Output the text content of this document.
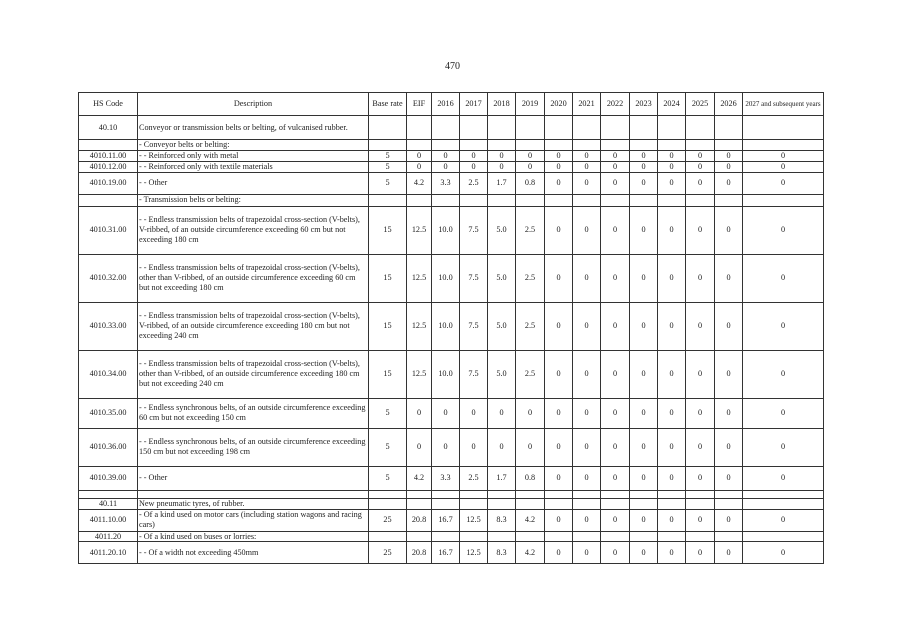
470
HS Code	Description	Base rate	EIF	2016	2017	2018	2019	2020	2021	2022	2023	2024	2025	2026	2027 and subsequent years
40.10	Conveyor or transmission belts or belting, of vulcanised rubber.														
	- Conveyor belts or belting:														
4010.11.00	- - Reinforced only with metal	5	0	0	0	0	0	0	0	0	0	0	0	0	0
4010.12.00	- - Reinforced only with textile materials	5	0	0	0	0	0	0	0	0	0	0	0	0	0
4010.19.00	- - Other	5	4.2	3.3	2.5	1.7	0.8	0	0	0	0	0	0	0	0
	- Transmission belts or belting:														
4010.31.00	- - Endless transmission belts of trapezoidal cross-section (V-belts), V-ribbed, of an outside circumference exceeding 60 cm but not exceeding 180 cm	15	12.5	10.0	7.5	5.0	2.5	0	0	0	0	0	0	0	0
4010.32.00	- - Endless transmission belts of trapezoidal cross-section (V-belts), other than V-ribbed, of an outside circumference exceeding 60 cm but not exceeding 180 cm	15	12.5	10.0	7.5	5.0	2.5	0	0	0	0	0	0	0	0
4010.33.00	- - Endless transmission belts of trapezoidal cross-section (V-belts), V-ribbed, of an outside circumference exceeding 180 cm but not exceeding 240 cm	15	12.5	10.0	7.5	5.0	2.5	0	0	0	0	0	0	0	0
4010.34.00	- - Endless transmission belts of trapezoidal cross-section (V-belts), other than V-ribbed, of an outside circumference exceeding 180 cm but not exceeding 240 cm	15	12.5	10.0	7.5	5.0	2.5	0	0	0	0	0	0	0	0
4010.35.00	- - Endless synchronous belts, of an outside circumference exceeding 60 cm but not exceeding 150 cm	5	0	0	0	0	0	0	0	0	0	0	0	0	0
4010.36.00	- - Endless synchronous belts, of an outside circumference exceeding 150 cm but not exceeding 198 cm	5	0	0	0	0	0	0	0	0	0	0	0	0	0
4010.39.00	- - Other	5	4.2	3.3	2.5	1.7	0.8	0	0	0	0	0	0	0	0

40.11	New pneumatic tyres, of rubber.														
4011.10.00	- Of a kind used on motor cars (including station wagons and racing cars)	25	20.8	16.7	12.5	8.3	4.2	0	0	0	0	0	0	0	0
4011.20	- Of a kind used on buses or lorries:														
4011.20.10	- - Of a width not exceeding 450mm	25	20.8	16.7	12.5	8.3	4.2	0	0	0	0	0	0	0	0
